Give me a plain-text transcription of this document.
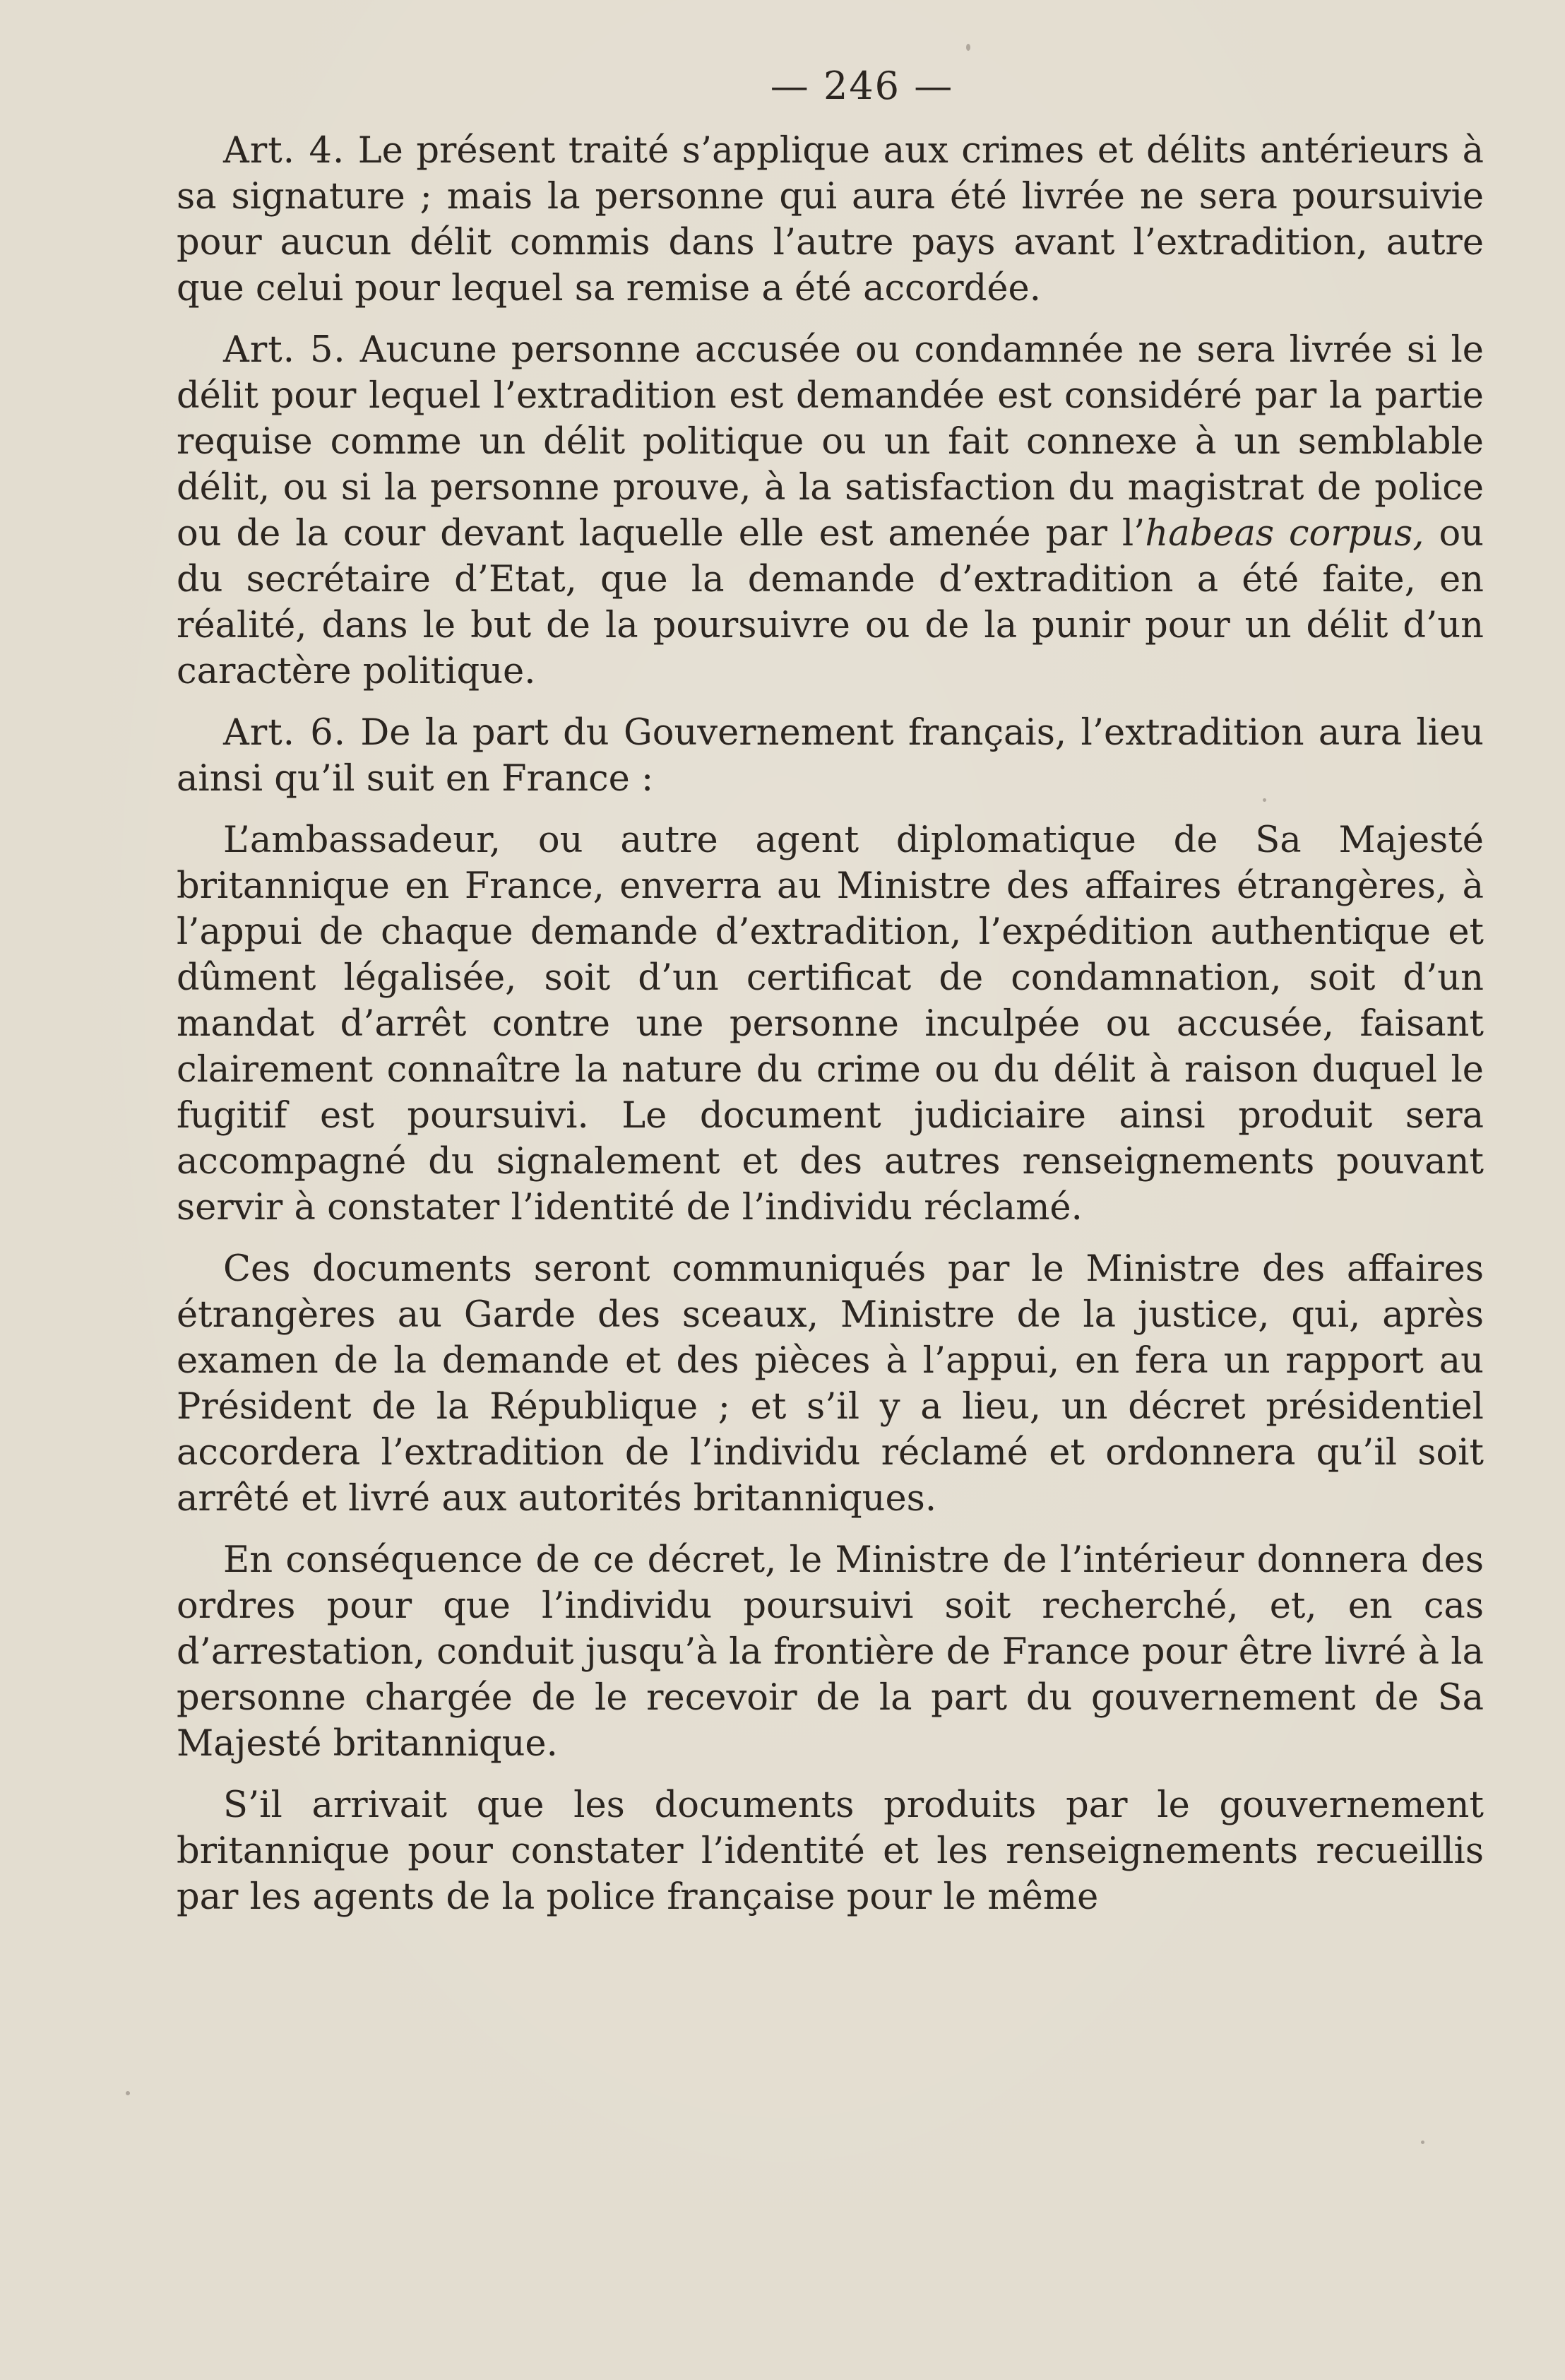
— 246 —

Art. 4. Le présent traité s’applique aux crimes et délits antérieurs à sa signature ; mais la personne qui aura été livrée ne sera poursuivie pour aucun délit commis dans l’autre pays avant l’extradition, autre que celui pour lequel sa remise a été accordée.

Art. 5. Aucune personne accusée ou condamnée ne sera livrée si le délit pour lequel l’extradition est demandée est considéré par la partie requise comme un délit politique ou un fait connexe à un semblable délit, ou si la personne prouve, à la satisfaction du magistrat de police ou de la cour devant laquelle elle est amenée par l’habeas corpus, ou du secrétaire d’Etat, que la demande d’extradition a été faite, en réalité, dans le but de la poursuivre ou de la punir pour un délit d’un caractère politique.

Art. 6. De la part du Gouvernement français, l’extradition aura lieu ainsi qu’il suit en France :

L’ambassadeur, ou autre agent diplomatique de Sa Majesté britannique en France, enverra au Ministre des affaires étrangères, à l’appui de chaque demande d’extradition, l’expédition authentique et dûment légalisée, soit d’un certificat de condamnation, soit d’un mandat d’arrêt contre une personne inculpée ou accusée, faisant clairement connaître la nature du crime ou du délit à raison duquel le fugitif est poursuivi. Le document judiciaire ainsi produit sera accompagné du signalement et des autres renseignements pouvant servir à constater l’identité de l’individu réclamé.

Ces documents seront communiqués par le Ministre des affaires étrangères au Garde des sceaux, Ministre de la justice, qui, après examen de la demande et des pièces à l’appui, en fera un rapport au Président de la République ; et s’il y a lieu, un décret présidentiel accordera l’extradition de l’individu réclamé et ordonnera qu’il soit arrêté et livré aux autorités britanniques.

En conséquence de ce décret, le Ministre de l’intérieur donnera des ordres pour que l’individu poursuivi soit recherché, et, en cas d’arrestation, conduit jusqu’à la frontière de France pour être livré à la personne chargée de le recevoir de la part du gouvernement de Sa Majesté britannique.

S’il arrivait que les documents produits par le gouvernement britannique pour constater l’identité et les renseignements recueillis par les agents de la police française pour le même
